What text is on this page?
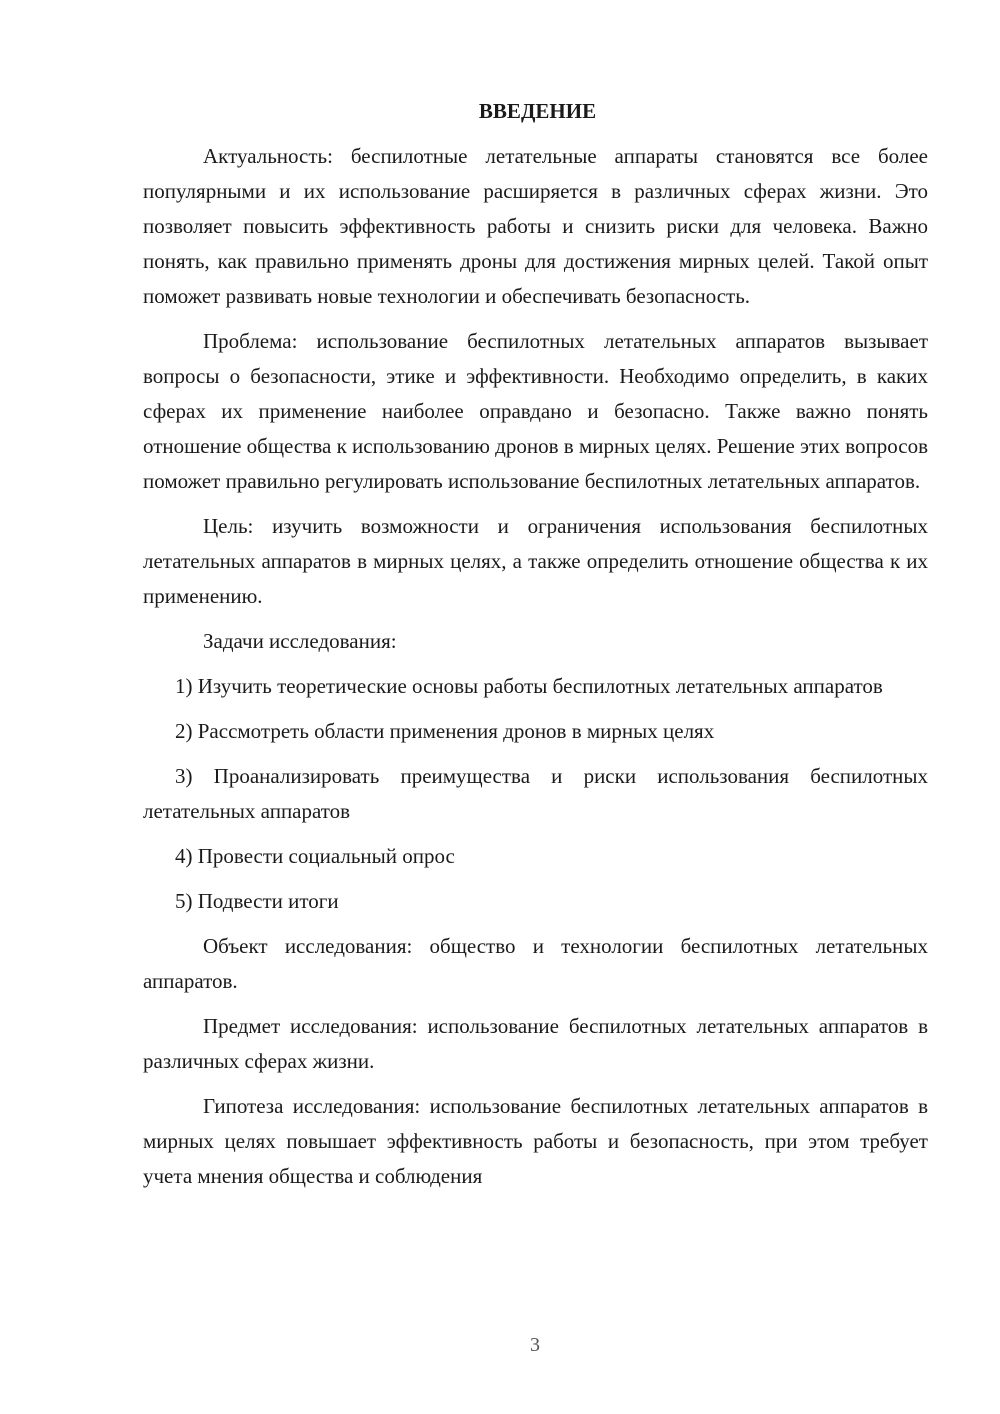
ВВЕДЕНИЕ

Актуальность: беспилотные летательные аппараты становятся все более популярными и их использование расширяется в различных сферах жизни. Это позволяет повысить эффективность работы и снизить риски для человека. Важно понять, как правильно применять дроны для достижения мирных целей. Такой опыт поможет развивать новые технологии и обеспечивать безопасность.

Проблема: использование беспилотных летательных аппаратов вызывает вопросы о безопасности, этике и эффективности. Необходимо определить, в каких сферах их применение наиболее оправдано и безопасно. Также важно понять отношение общества к использованию дронов в мирных целях. Решение этих вопросов поможет правильно регулировать использование беспилотных летательных аппаратов.

Цель: изучить возможности и ограничения использования беспилотных летательных аппаратов в мирных целях, а также определить отношение общества к их применению.

Задачи исследования:

1) Изучить теоретические основы работы беспилотных летательных аппаратов

2) Рассмотреть области применения дронов в мирных целях

3) Проанализировать преимущества и риски использования беспилотных летательных аппаратов

4) Провести социальный опрос

5) Подвести итоги

Объект исследования: общество и технологии беспилотных летательных аппаратов.

Предмет исследования: использование беспилотных летательных аппаратов в различных сферах жизни.

Гипотеза исследования: использование беспилотных летательных аппаратов в мирных целях повышает эффективность работы и безопасность, при этом требует учета мнения общества и соблюдения

3
